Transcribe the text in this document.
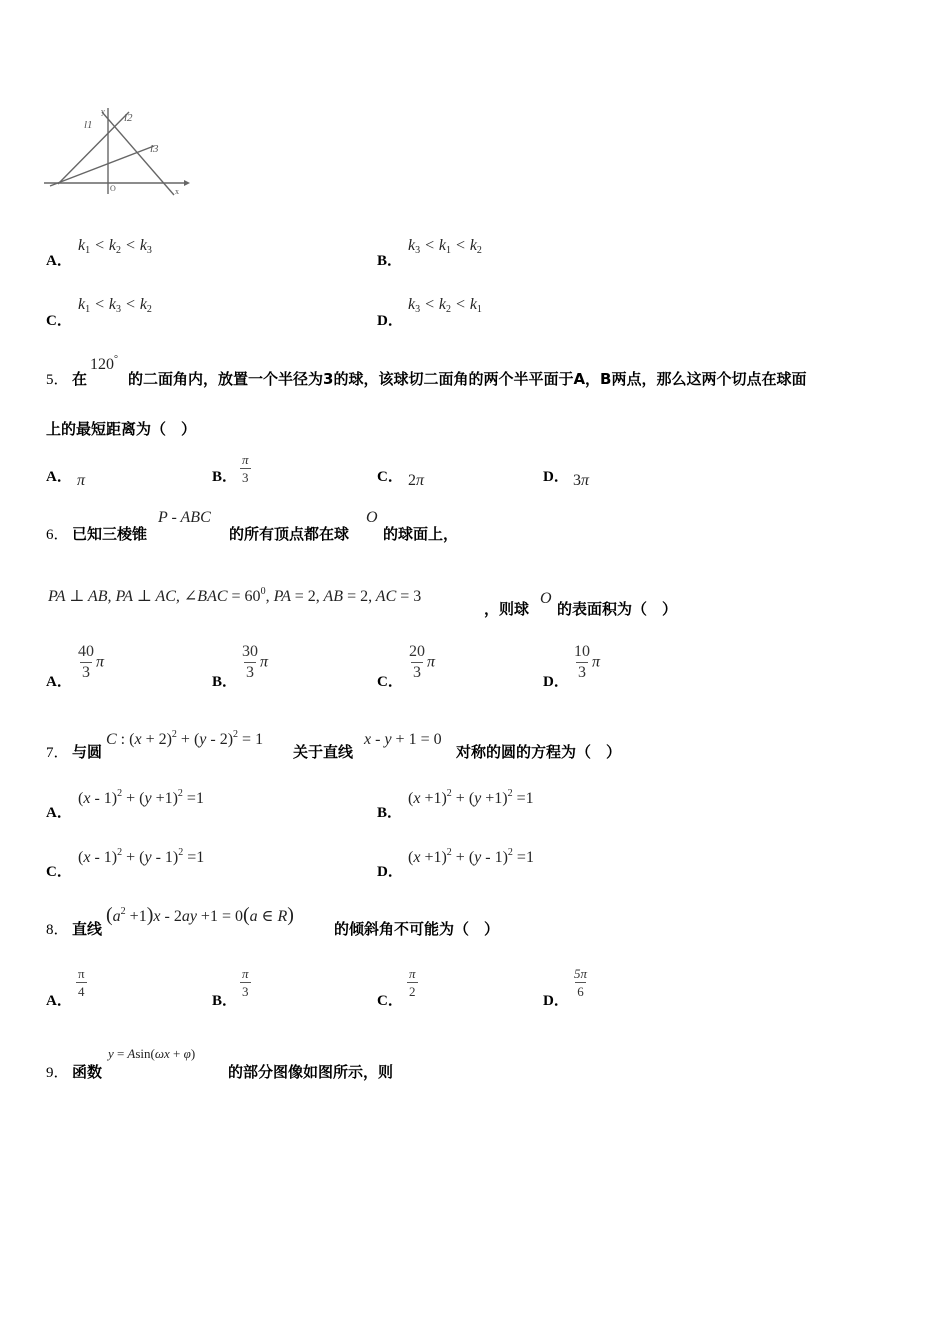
l1
l2
l3
y
x
O
A．
$k_1 < k_2 < k_3$
B．
$k_3 < k_1 < k_2$
C．
$k_1 < k_3 < k_2$
D．
$k_3 < k_2 < k_1$
5． 在
120°
的二面角内，放置一个半径为3的球，该球切二面角的两个半平面于A，B两点，那么这两个切点在球面
上的最短距离为（　）
A． π	B． $\frac{\pi}{3}$	C． 2π	D． 3π
6． 已知三棱锥
P - ABC
的所有顶点都在球
O
的球面上，
PA ⊥ AB, PA ⊥ AC, ∠BAC = $60^0$, PA = 2, AB = 2, AC = 3
，则球
O
的表面积为（　）
A． $\frac{40}{3}$ π
B． $\frac{30}{3}$ π
C． $\frac{20}{3}$ π
D． $\frac{10}{3}$ π
7． 与圆
C : $(x + 2)^2 + (y - 2)^2 = 1$
关于直线
x - y + 1 = 0
对称的圆的方程为（　）
A．
$(x - 1)^2 + (y +1)^2 =1$
B．
$(x +1)^2 + (y +1)^2 =1$
C．
(x - 1)$^2$ + (y - 1)$^2$ =1
D．
$(x +1)^2 + (y - 1)^2 =1$
8． 直线
$(a^2 +1)x - 2ay +1 = 0(a$ ∈ R)
的倾斜角不可能为（　）
A．
$\frac{\pi}{4}$
B．
$\frac{\pi}{3}$
C．
$\frac{\pi}{2}$
D．
$\frac{5\pi}{6}$
9． 函数
y = Asin(ωx + φ)
的部分图像如图所示，则
